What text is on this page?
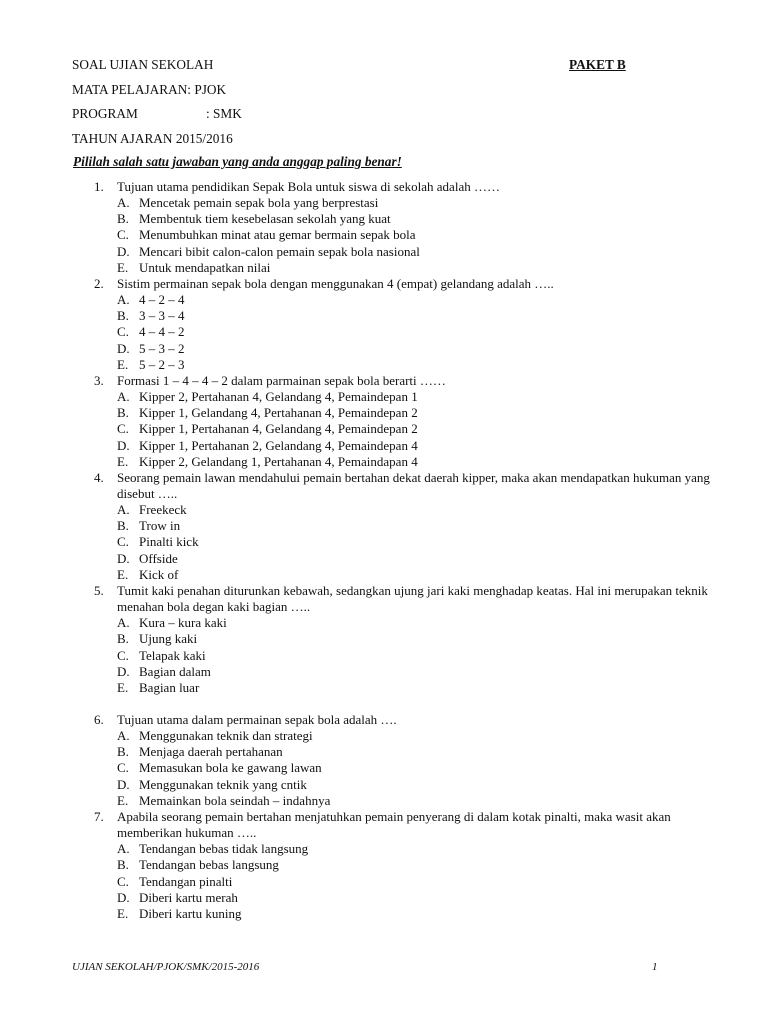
SOAL UJIAN SEKOLAH	PAKET B
MATA PELAJARAN: PJOK
PROGRAM	: SMK
TAHUN AJARAN 2015/2016
Pililah salah satu jawaban yang anda anggap paling benar!
1.	Tujuan utama pendidikan Sepak Bola untuk siswa di sekolah adalah ……
A. Mencetak pemain sepak bola yang berprestasi
B. Membentuk tiem kesebelasan sekolah yang kuat
C. Menumbuhkan minat atau gemar bermain sepak bola
D. Mencari bibit calon-calon pemain sepak bola nasional
E. Untuk mendapatkan nilai
2.	Sistim permainan sepak bola dengan menggunakan 4 (empat) gelandang adalah …..
A. 4 – 2 – 4
B. 3 – 3 – 4
C. 4 – 4 – 2
D. 5 – 3 – 2
E. 5 – 2 – 3
3.	Formasi 1 – 4 – 4 – 2 dalam parmainan sepak bola berarti ……
A. Kipper 2, Pertahanan 4, Gelandang 4, Pemaindepan 1
B. Kipper 1, Gelandang 4, Pertahanan 4, Pemaindepan 2
C. Kipper 1, Pertahanan 4, Gelandang 4, Pemaindepan 2
D. Kipper 1, Pertahanan 2, Gelandang 4, Pemaindepan 4
E. Kipper 2, Gelandang 1, Pertahanan 4, Pemaindapan 4
4.	Seorang pemain lawan mendahului pemain bertahan dekat daerah kipper, maka akan mendapatkan hukuman yang disebut …..
A. Freekeck
B. Trow in
C. Pinalti kick
D. Offside
E. Kick of
5.	Tumit kaki penahan diturunkan kebawah, sedangkan ujung jari kaki menghadap keatas. Hal ini merupakan teknik menahan bola degan kaki bagian …..
A. Kura – kura kaki
B. Ujung kaki
C. Telapak kaki
D. Bagian dalam
E. Bagian luar
6.	Tujuan utama dalam permainan sepak bola adalah ….
A. Menggunakan teknik dan strategi
B. Menjaga daerah pertahanan
C. Memasukan bola ke gawang lawan
D. Menggunakan teknik yang cntik
E. Memainkan bola seindah – indahnya
7.	Apabila seorang pemain bertahan menjatuhkan pemain penyerang di dalam kotak pinalti, maka wasit akan memberikan hukuman …..
A. Tendangan bebas tidak langsung
B. Tendangan bebas langsung
C. Tendangan pinalti
D. Diberi kartu merah
E. Diberi kartu kuning
UJIAN SEKOLAH/PJOK/SMK/2015-2016	1
